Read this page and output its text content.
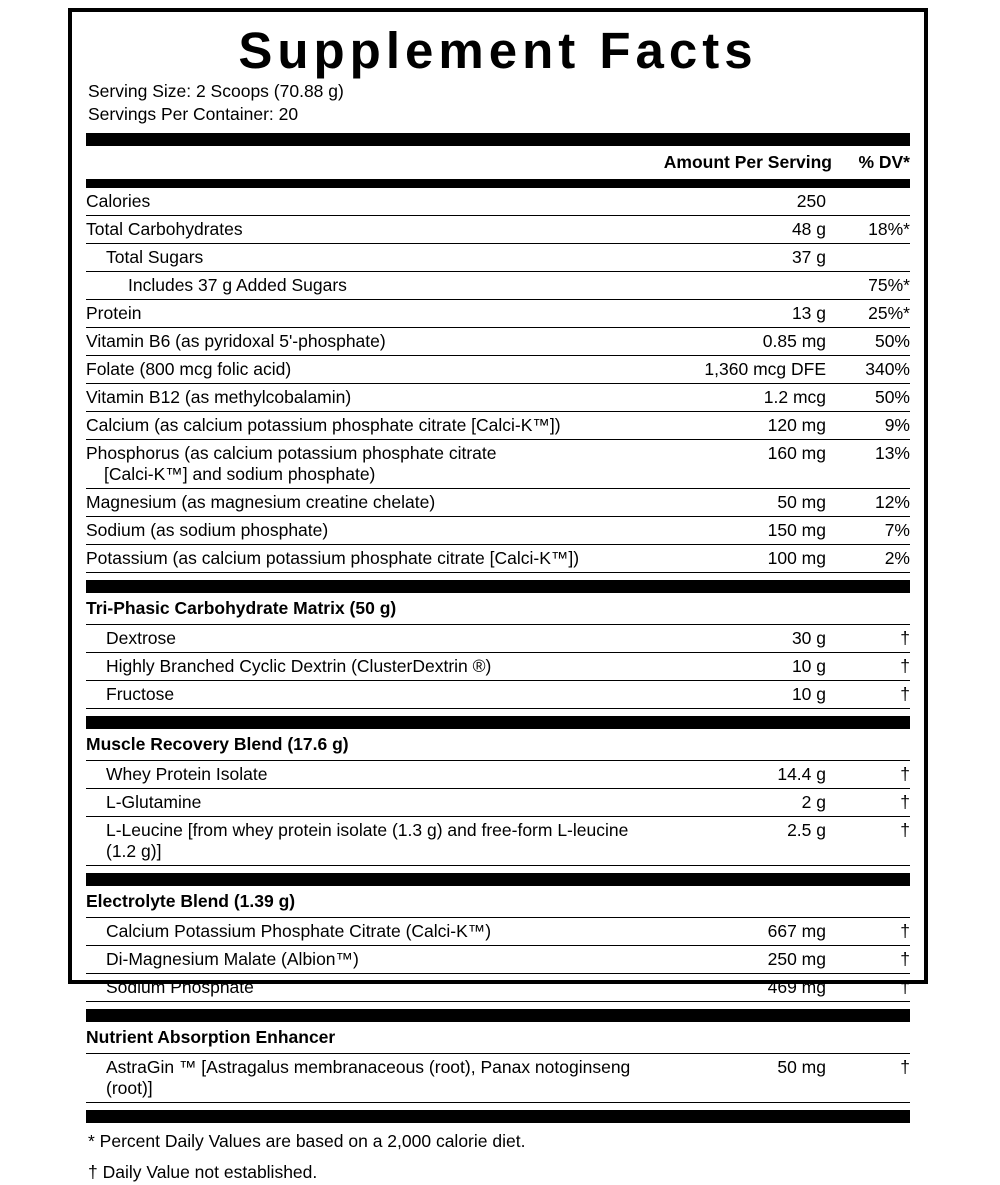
Supplement Facts
Serving Size: 2 Scoops (70.88 g)
Servings Per Container: 20
	Amount Per Serving	% DV*
Calories	250	
Total Carbohydrates	48 g	18%*
Total Sugars	37 g	
Includes 37 g Added Sugars		75%*
Protein	13 g	25%*
Vitamin B6 (as pyridoxal 5'-phosphate)	0.85 mg	50%
Folate (800 mcg folic acid)	1,360 mcg DFE	340%
Vitamin B12 (as methylcobalamin)	1.2 mcg	50%
Calcium (as calcium potassium phosphate citrate [Calci-K™])	120 mg	9%
Phosphorus (as calcium potassium phosphate citrate
[Calci-K™] and sodium phosphate)	160 mg	13%
Magnesium (as magnesium creatine chelate)	50 mg	12%
Sodium (as sodium phosphate)	150 mg	7%
Potassium (as calcium potassium phosphate citrate [Calci-K™])	100 mg	2%
Tri-Phasic Carbohydrate Matrix (50 g)		
Dextrose	30 g	†
Highly Branched Cyclic Dextrin (ClusterDextrin ®)	10 g	†
Fructose	10 g	†
Muscle Recovery Blend (17.6 g)		
Whey Protein Isolate	14.4 g	†
L-Glutamine	2 g	†
L-Leucine [from whey protein isolate (1.3 g) and free-form L-leucine (1.2 g)]	2.5 g	†
Electrolyte Blend (1.39 g)		
Calcium Potassium Phosphate Citrate (Calci-K™)	667 mg	†
Di-Magnesium Malate (Albion™)	250 mg	†
Sodium Phosphate	469 mg	†
Nutrient Absorption Enhancer
AstraGin ™ [Astragalus membranaceous (root), Panax notoginseng (root)]	50 mg	†
* Percent Daily Values are based on a 2,000 calorie diet.
† Daily Value not established.
